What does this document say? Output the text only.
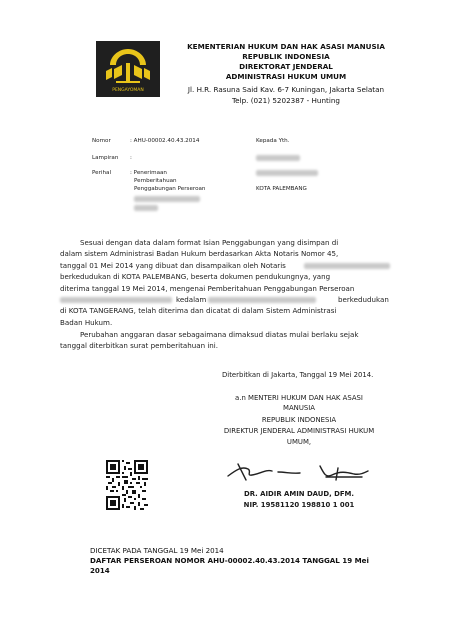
PENGAYOMAN
KEMENTERIAN HUKUM DAN HAK ASASI MANUSIA
REPUBLIK INDONESIA
DIREKTORAT JENDERAL
ADMINISTRASI HUKUM UMUM
Jl. H.R. Rasuna Said Kav. 6-7 Kuningan, Jakarta Selatan
Telp. (021) 5202387 - Hunting
Nomor	: AHU-00002.40.43.2014
Lampiran :
Perihal	: Penerimaan
Pemberitahuan
Penggabungan Perseroan
Kepada Yth.
KOTA PALEMBANG
Sesuai dengan data dalam format Isian Penggabungan yang disimpan di
dalam sistem Administrasi Badan Hukum berdasarkan Akta Notaris Nomor 45,
tanggal 01 Mei 2014 yang dibuat dan disampaikan oleh Notaris
berkedudukan di KOTA PALEMBANG, beserta dokumen pendukungnya, yang
diterima tanggal 19 Mei 2014, mengenai Pemberitahuan Penggabungan Perseroan
kedalam	berkedudukan
di KOTA TANGERANG, telah diterima dan dicatat di dalam Sistem Administrasi
Badan Hukum.
Perubahan anggaran dasar sebagaimana dimaksud diatas mulai berlaku sejak
tanggal diterbitkan surat pemberitahuan ini.
Diterbitkan di Jakarta, Tanggal 19 Mei 2014.
a.n MENTERI HUKUM DAN HAK ASASI
MANUSIA
REPUBLIK INDONESIA
DIREKTUR JENDERAL ADMINISTRASI HUKUM
UMUM,
DR. AIDIR AMIN DAUD, DFM.
NIP. 19581120 198810 1 001
DICETAK PADA TANGGAL 19 Mei 2014
DAFTAR PERSEROAN NOMOR AHU-00002.40.43.2014 TANGGAL 19 Mei
2014
